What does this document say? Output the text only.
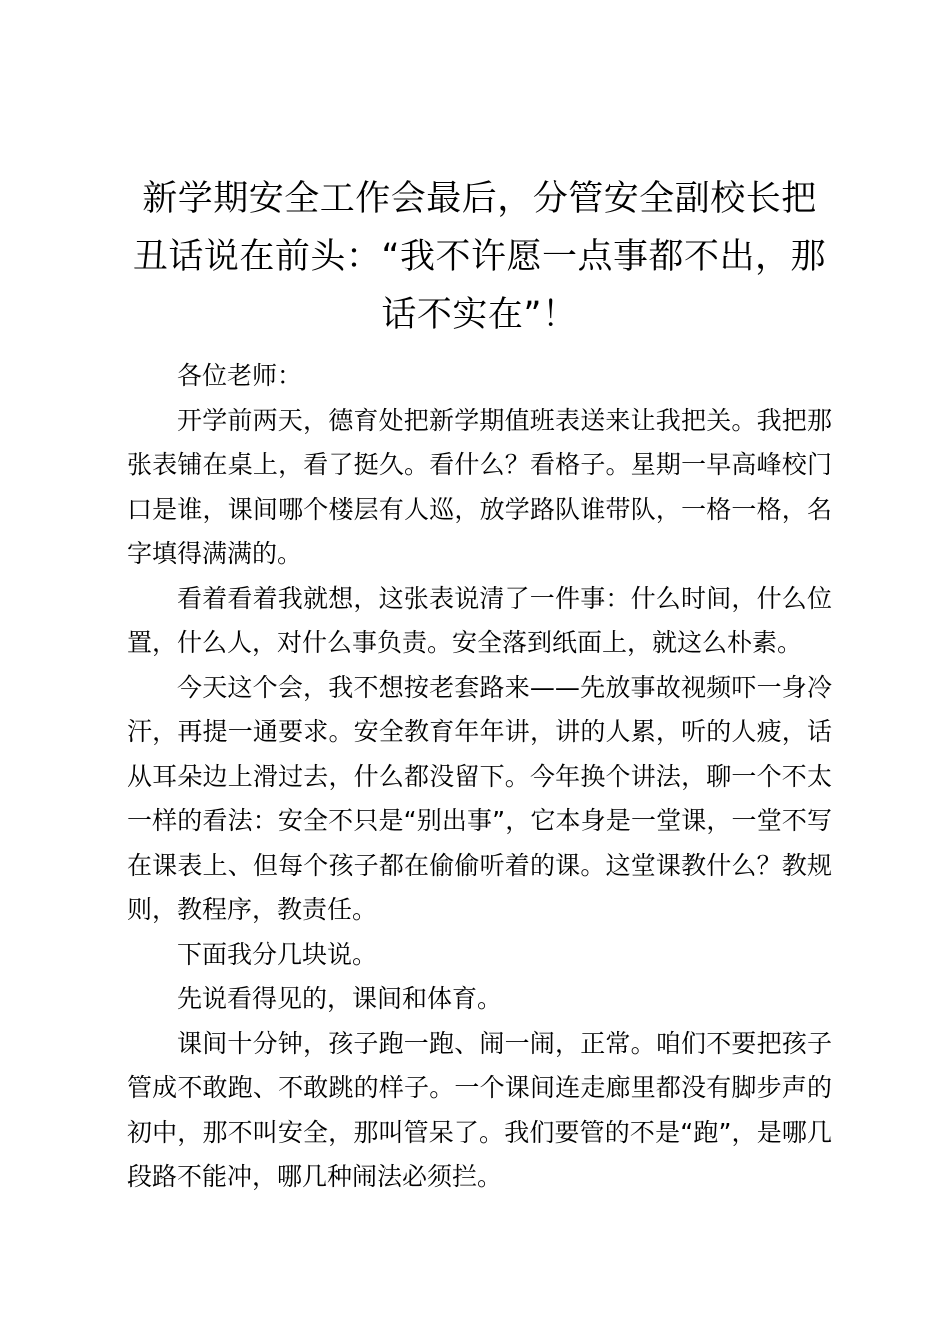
新学期安全工作会最后，分管安全副校长把丑话说在前头：“我不许愿一点事都不出，那话不实在”！

各位老师：

开学前两天，德育处把新学期值班表送来让我把关。我把那张表铺在桌上，看了挺久。看什么？看格子。星期一早高峰校门口是谁，课间哪个楼层有人巡，放学路队谁带队，一格一格，名字填得满满的。

看着看着我就想，这张表说清了一件事：什么时间，什么位置，什么人，对什么事负责。安全落到纸面上，就这么朴素。

今天这个会，我不想按老套路来——先放事故视频吓一身冷汗，再提一通要求。安全教育年年讲，讲的人累，听的人疲，话从耳朵边上滑过去，什么都没留下。今年换个讲法，聊一个不太一样的看法：安全不只是“别出事”，它本身是一堂课，一堂不写在课表上、但每个孩子都在偷偷听着的课。这堂课教什么？教规则，教程序，教责任。

下面我分几块说。

先说看得见的，课间和体育。

课间十分钟，孩子跑一跑、闹一闹，正常。咱们不要把孩子管成不敢跑、不敢跳的样子。一个课间连走廊里都没有脚步声的初中，那不叫安全，那叫管呆了。我们要管的不是“跑”，是哪几段路不能冲，哪几种闹法必须拦。
